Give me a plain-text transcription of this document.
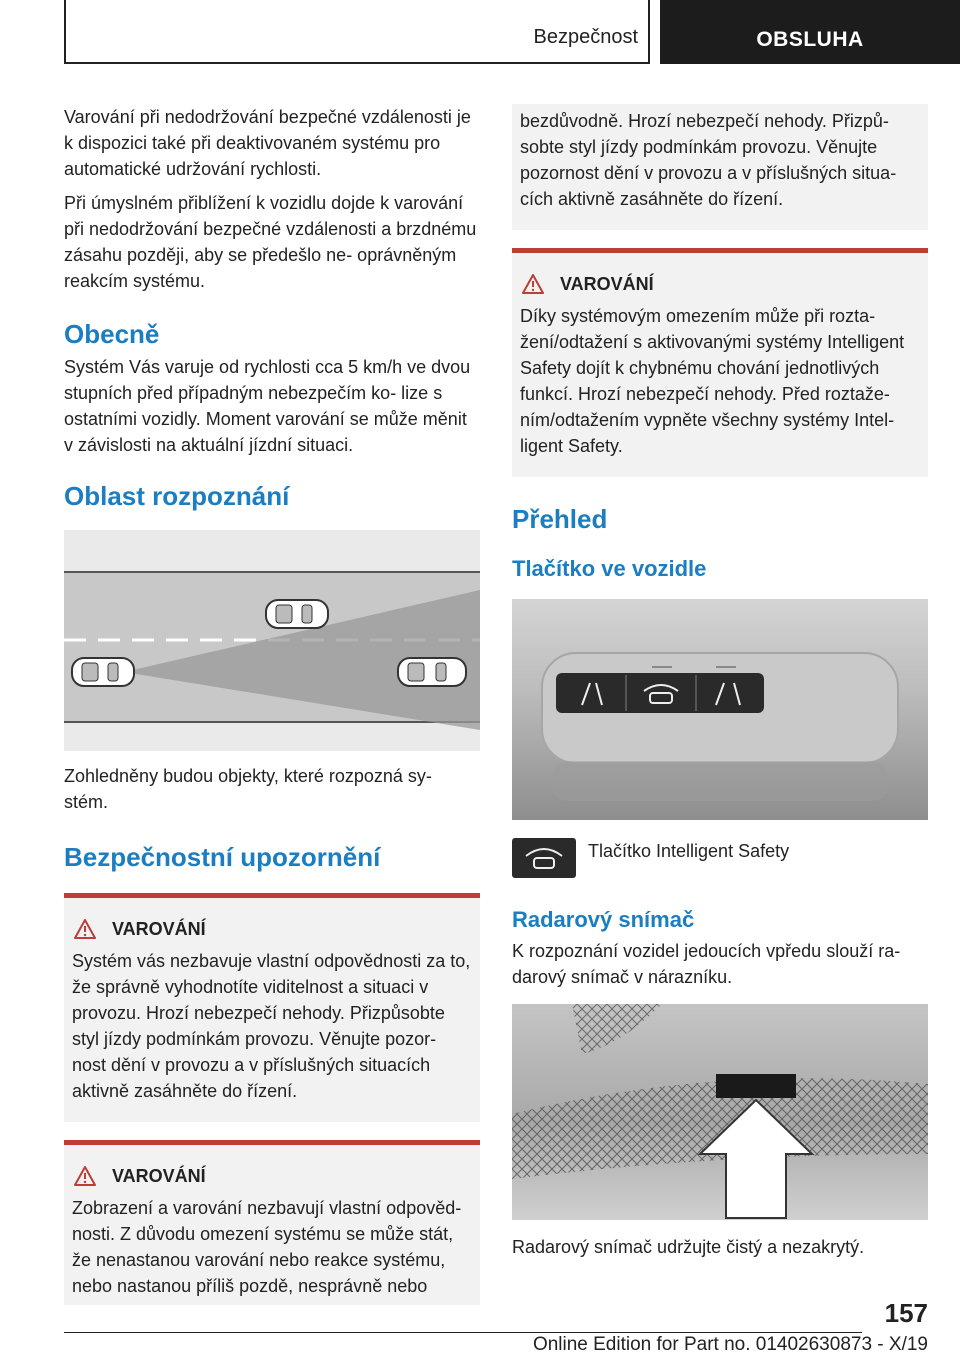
Bezpečnost	OBSLUHA

Varování při nedodržování bezpečné vzdálenosti je k dispozici také při deaktivovaném systému pro automatické udržování rychlosti.

Při úmyslném přiblížení k vozidlu dojde k varování při nedodržování bezpečné vzdálenosti a brzdnému zásahu později, aby se předešlo ne- oprávněným reakcím systému.

Obecně

Systém Vás varuje od rychlosti cca 5 km/h ve dvou stupních před případným nebezpečím ko- lize s ostatními vozidly. Moment varování se může měnit v závislosti na aktuální jízdní situaci.

Oblast rozpoznání

Zohledněny budou objekty, které rozpozná sy- stém.

Bezpečnostní upozornění
VAROVÁNÍ
Systém vás nezbavuje vlastní odpovědnosti za to, že správně vyhodnotíte viditelnost a situaci v provozu. Hrozí nebezpečí nehody. Přizpůsobte styl jízdy podmínkám provozu. Věnujte pozor- nost dění v provozu a v příslušných situacích aktivně zasáhněte do řízení.
VAROVÁNÍ
Zobrazení a varování nezbavují vlastní odpověd- nosti. Z důvodu omezení systému se může stát, že nenastanou varování nebo reakce systému, nebo nastanou příliš pozdě, nesprávně nebo
bezdůvodně. Hrozí nebezpečí nehody. Přizpů- sobte styl jízdy podmínkám provozu. Věnujte pozornost dění v provozu a v příslušných situa- cích aktivně zasáhněte do řízení.
VAROVÁNÍ
Díky systémovým omezením může při rozta- žení/odtažení s aktivovanými systémy Intelligent Safety dojít k chybnému chování jednotlivých funkcí. Hrozí nebezpečí nehody. Před roztaže- ním/odtažením vypněte všechny systémy Intel- ligent Safety.
Přehled
Tlačítko ve vozidle
Tlačítko Intelligent Safety
Radarový snímač

K rozpoznání vozidel jedoucích vpředu slouží ra- darový snímač v nárazníku.

Radarový snímač udržujte čistý a nezakrytý.

157
Online Edition for Part no. 01402630873 - X/19
